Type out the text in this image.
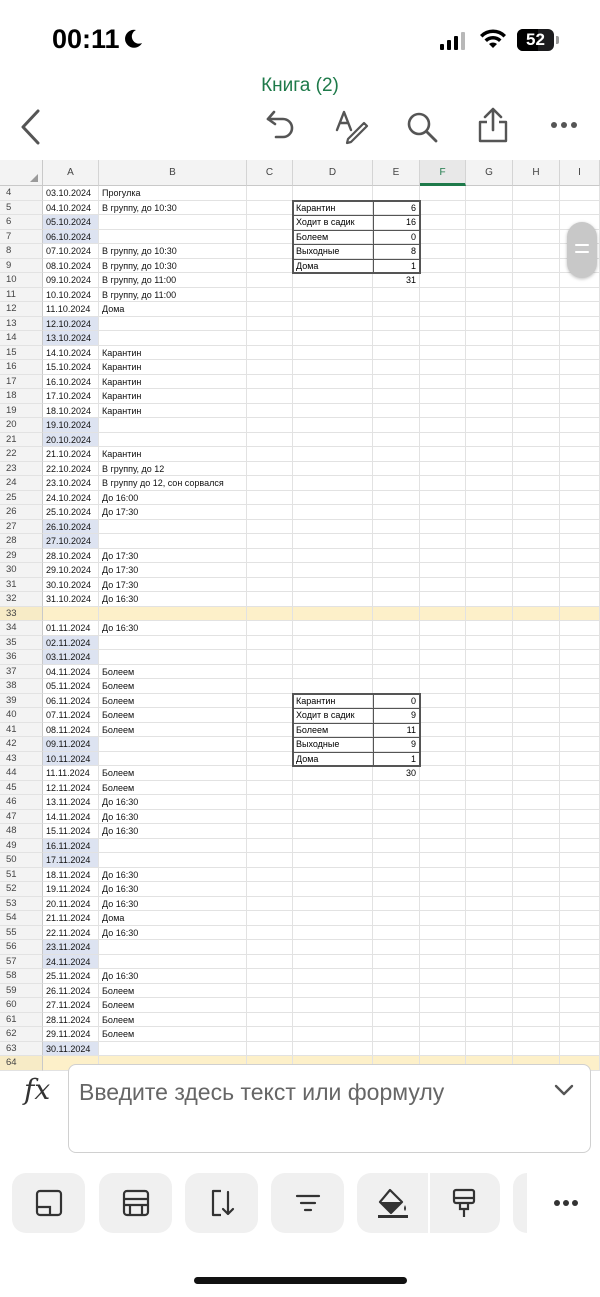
00:11	52
Книга (2)
A	B	C	D	E	F	G	H	I
4	03.10.2024	Прогулка
5	04.10.2024	В группу, до 10:30
6	05.10.2024
7	06.10.2024
8	07.10.2024	В группу, до 10:30
9	08.10.2024	В группу, до 10:30
10	09.10.2024	В группу, до 11:00
11	10.10.2024	В группу, до 11:00
12	11.10.2024	Дома
13	12.10.2024
14	13.10.2024
15	14.10.2024	Карантин
16	15.10.2024	Карантин
17	16.10.2024	Карантин
18	17.10.2024	Карантин
19	18.10.2024	Карантин
20	19.10.2024
21	20.10.2024
22	21.10.2024	Карантин
23	22.10.2024	В группу, до 12
24	23.10.2024	В группу до 12, сон сорвался
25	24.10.2024	До 16:00
26	25.10.2024	До 17:30
27	26.10.2024
28	27.10.2024
29	28.10.2024	До 17:30
30	29.10.2024	До 17:30
31	30.10.2024	До 17:30
32	31.10.2024	До 16:30
33
34	01.11.2024	До 16:30
35	02.11.2024
36	03.11.2024
37	04.11.2024	Болеем
38	05.11.2024	Болеем
39	06.11.2024	Болеем
40	07.11.2024	Болеем
41	08.11.2024	Болеем
42	09.11.2024
43	10.11.2024
44	11.11.2024	Болеем
45	12.11.2024	Болеем
46	13.11.2024	До 16:30
47	14.11.2024	До 16:30
48	15.11.2024	До 16:30
49	16.11.2024
50	17.11.2024
51	18.11.2024	До 16:30
52	19.11.2024	До 16:30
53	20.11.2024	До 16:30
54	21.11.2024	Дома
55	22.11.2024	До 16:30
56	23.11.2024
57	24.11.2024
58	25.11.2024	До 16:30
59	26.11.2024	Болеем
60	27.11.2024	Болеем
61	28.11.2024	Болеем
62	29.11.2024	Болеем
63	30.11.2024
64
Карантин	6
Ходит в садик	16
Болеем	0
Выходные	8
Дома	1
31
Карантин	0
Ходит в садик	9
Болеем	11
Выходные	9
Дома	1
30
fx Введите здесь текст или формулу
